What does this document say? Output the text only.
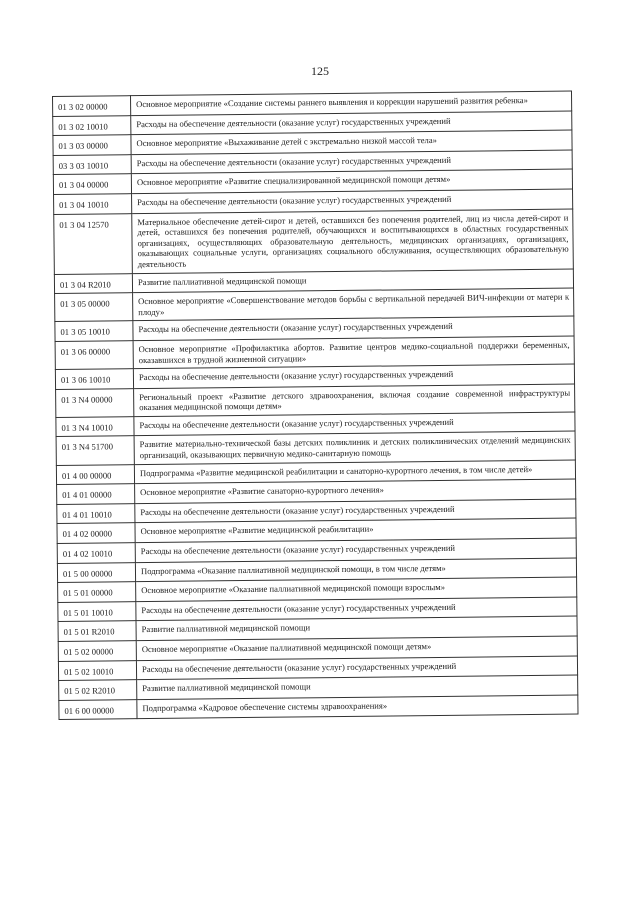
125
01 3 02 00000	Основное мероприятие «Создание системы раннего выявления и коррекции нарушений развития ребенка»
01 3 02 10010	Расходы на обеспечение деятельности (оказание услуг) государственных учреждений
01 3 03 00000	Основное мероприятие «Выхаживание детей с экстремально низкой массой тела»
03 3 03 10010	Расходы на обеспечение деятельности (оказание услуг) государственных учреждений
01 3 04 00000	Основное мероприятие «Развитие специализированной медицинской помощи детям»
01 3 04 10010	Расходы на обеспечение деятельности (оказание услуг) государственных учреждений
01 3 04 12570	Материальное обеспечение детей-сирот и детей, оставшихся без попечения родителей, лиц из числа детей-сирот и детей, оставшихся без попечения родителей, обучающихся и воспитывающихся в областных государственных организациях, осуществляющих образовательную деятельность, медицинских организациях, организациях, оказывающих социальные услуги, организациях социального обслуживания, осуществляющих образовательную деятельность
01 3 04 R2010	Развитие паллиативной медицинской помощи
01 3 05 00000	Основное мероприятие «Совершенствование методов борьбы с вертикальной передачей ВИЧ-инфекции от матери к плоду»
01 3 05 10010	Расходы на обеспечение деятельности (оказание услуг) государственных учреждений
01 3 06 00000	Основное мероприятие «Профилактика абортов. Развитие центров медико-социальной поддержки беременных, оказавшихся в трудной жизненной ситуации»
01 3 06 10010	Расходы на обеспечение деятельности (оказание услуг) государственных учреждений
01 3 N4 00000	Региональный проект «Развитие детского здравоохранения, включая создание современной инфраструктуры оказания медицинской помощи детям»
01 3 N4 10010	Расходы на обеспечение деятельности (оказание услуг) государственных учреждений
01 3 N4 51700	Развитие материально-технической базы детских поликлиник и детских поликлинических отделений медицинских организаций, оказывающих первичную медико-санитарную помощь
01 4 00 00000	Подпрограмма «Развитие медицинской реабилитации и санаторно-курортного лечения, в том числе детей»
01 4 01 00000	Основное мероприятие «Развитие санаторно-курортного лечения»
01 4 01 10010	Расходы на обеспечение деятельности (оказание услуг) государственных учреждений
01 4 02 00000	Основное мероприятие «Развитие медицинской реабилитации»
01 4 02 10010	Расходы на обеспечение деятельности (оказание услуг) государственных учреждений
01 5 00 00000	Подпрограмма «Оказание паллиативной медицинской помощи, в том числе детям»
01 5 01 00000	Основное мероприятие «Оказание паллиативной медицинской помощи взрослым»
01 5 01 10010	Расходы на обеспечение деятельности (оказание услуг) государственных учреждений
01 5 01 R2010	Развитие паллиативной медицинской помощи
01 5 02 00000	Основное мероприятие «Оказание паллиативной медицинской помощи детям»
01 5 02 10010	Расходы на обеспечение деятельности (оказание услуг) государственных учреждений
01 5 02 R2010	Развитие паллиативной медицинской помощи
01 6 00 00000	Подпрограмма «Кадровое обеспечение системы здравоохранения»
